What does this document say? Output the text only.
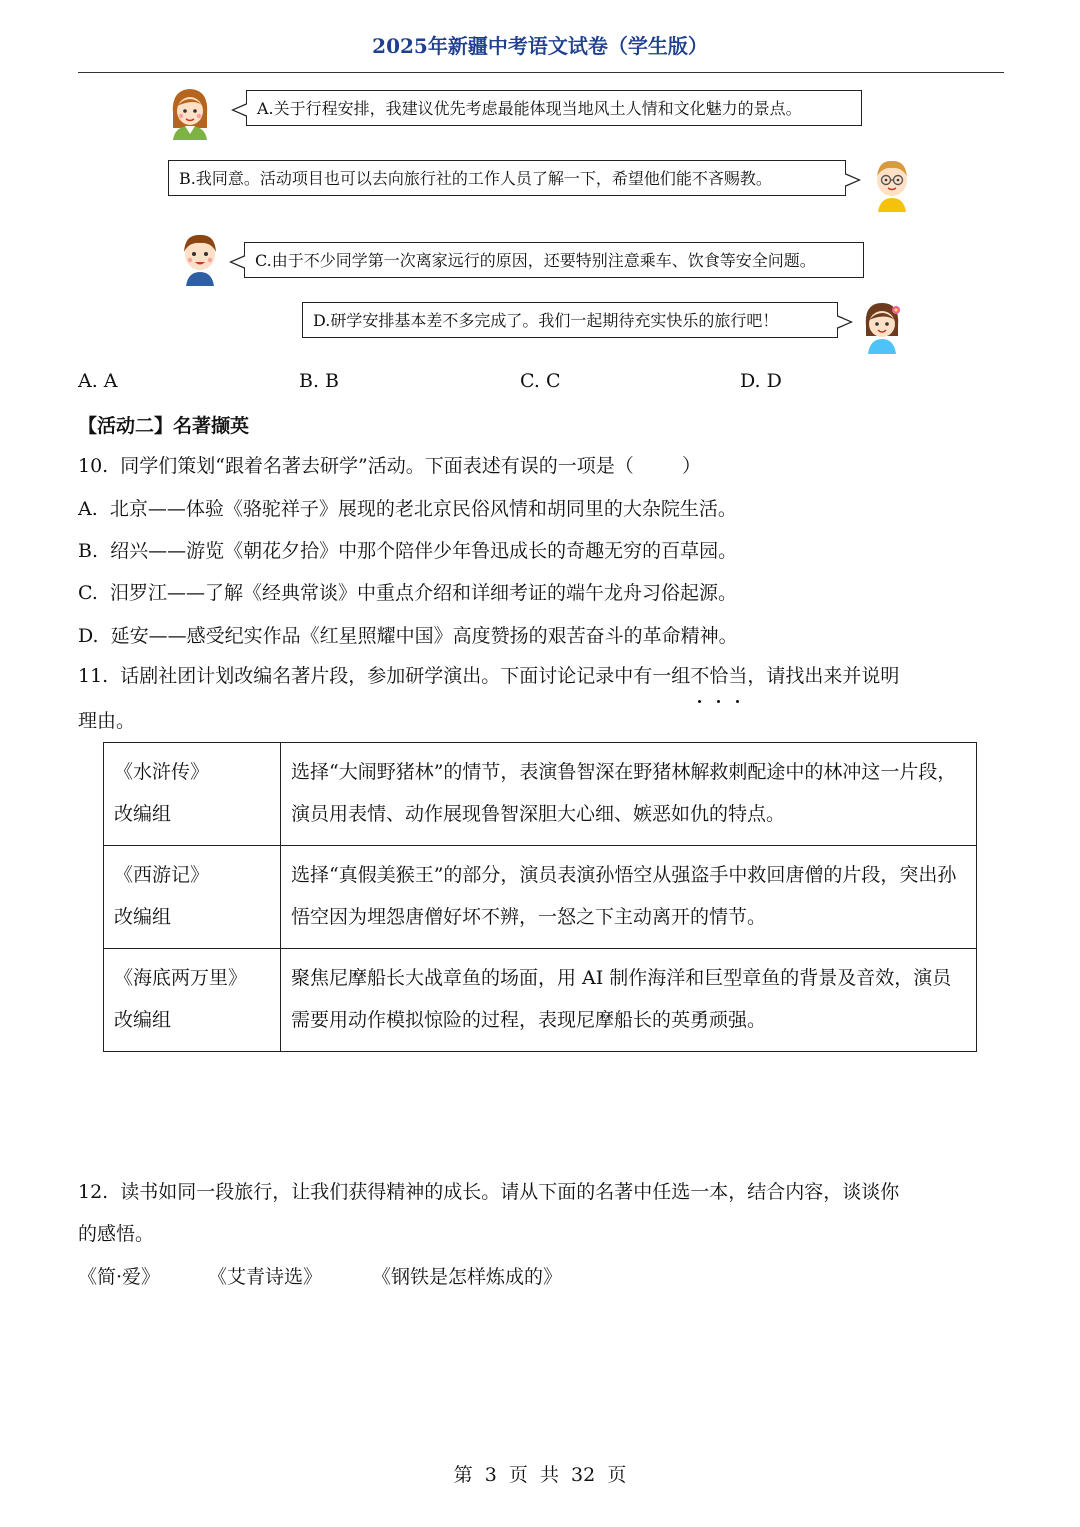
2025年新疆中考语文试卷（学生版）
A.关于行程安排，我建议优先考虑最能体现当地风土人情和文化魅力的景点。
B.我同意。活动项目也可以去向旅行社的工作人员了解一下，希望他们能不吝赐教。
C.由于不少同学第一次离家远行的原因，还要特别注意乘车、饮食等安全问题。
D.研学安排基本差不多完成了。我们一起期待充实快乐的旅行吧！
A. A	B. B	C. C	D. D
【活动二】名著撷英
10.  同学们策划“跟着名著去研学”活动。下面表述有误的一项是（        ）
A.  北京——体验《骆驼祥子》展现的老北京民俗风情和胡同里的大杂院生活。
B.  绍兴——游览《朝花夕拾》中那个陪伴少年鲁迅成长的奇趣无穷的百草园。
C.  汨罗江——了解《经典常谈》中重点介绍和详细考证的端午龙舟习俗起源。
D.  延安——感受纪实作品《红星照耀中国》高度赞扬的艰苦奋斗的革命精神。
11.  话剧社团计划改编名著片段，参加研学演出。下面讨论记录中有一组不恰当，请找出来并说明
理由。
《水浒传》
改编组	选择“大闹野猪林”的情节，表演鲁智深在野猪林解救刺配途中的林冲这一片段，演员用表情、动作展现鲁智深胆大心细、嫉恶如仇的特点。

《西游记》
改编组	选择“真假美猴王”的部分，演员表演孙悟空从强盗手中救回唐僧的片段，突出孙悟空因为埋怨唐僧好坏不辨，一怒之下主动离开的情节。

《海底两万里》
改编组	聚焦尼摩船长大战章鱼的场面，用 AI 制作海洋和巨型章鱼的背景及音效，演员需要用动作模拟惊险的过程，表现尼摩船长的英勇顽强。
12.  读书如同一段旅行，让我们获得精神的成长。请从下面的名著中任选一本，结合内容，谈谈你
的感悟。
《简·爱》	《艾青诗选》	《钢铁是怎样炼成的》
第  3  页  共  32  页
